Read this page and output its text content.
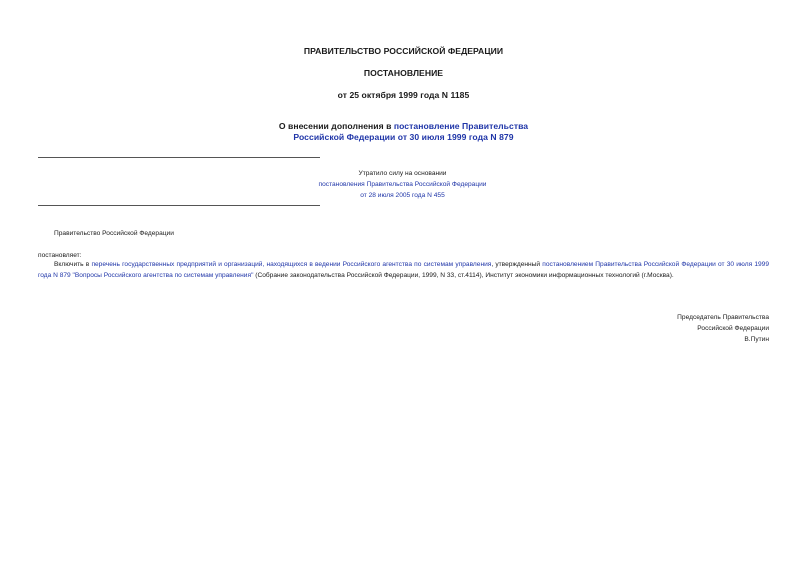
ПРАВИТЕЛЬСТВО РОССИЙСКОЙ ФЕДЕРАЦИИ
ПОСТАНОВЛЕНИЕ
от 25 октября 1999 года N 1185
О внесении дополнения в постановление Правительства
Российской Федерации от 30 июля 1999 года N 879
Утратило силу на основании
постановления Правительства Российской Федерации
от 28 июля 2005 года N 455
Правительство Российской Федерации
постановляет:
Включить в перечень государственных предприятий и организаций, находящихся в ведении Российского агентства по системам управления, утвержденный постановлением Правительства Российской Федерации от 30 июля 1999 года N 879 "Вопросы Российского агентства по системам управления" (Собрание законодательства Российской Федерации, 1999, N 33, ст.4114), Институт экономики информационных технологий (г.Москва).
Председатель Правительства
Российской Федерации
В.Путин
